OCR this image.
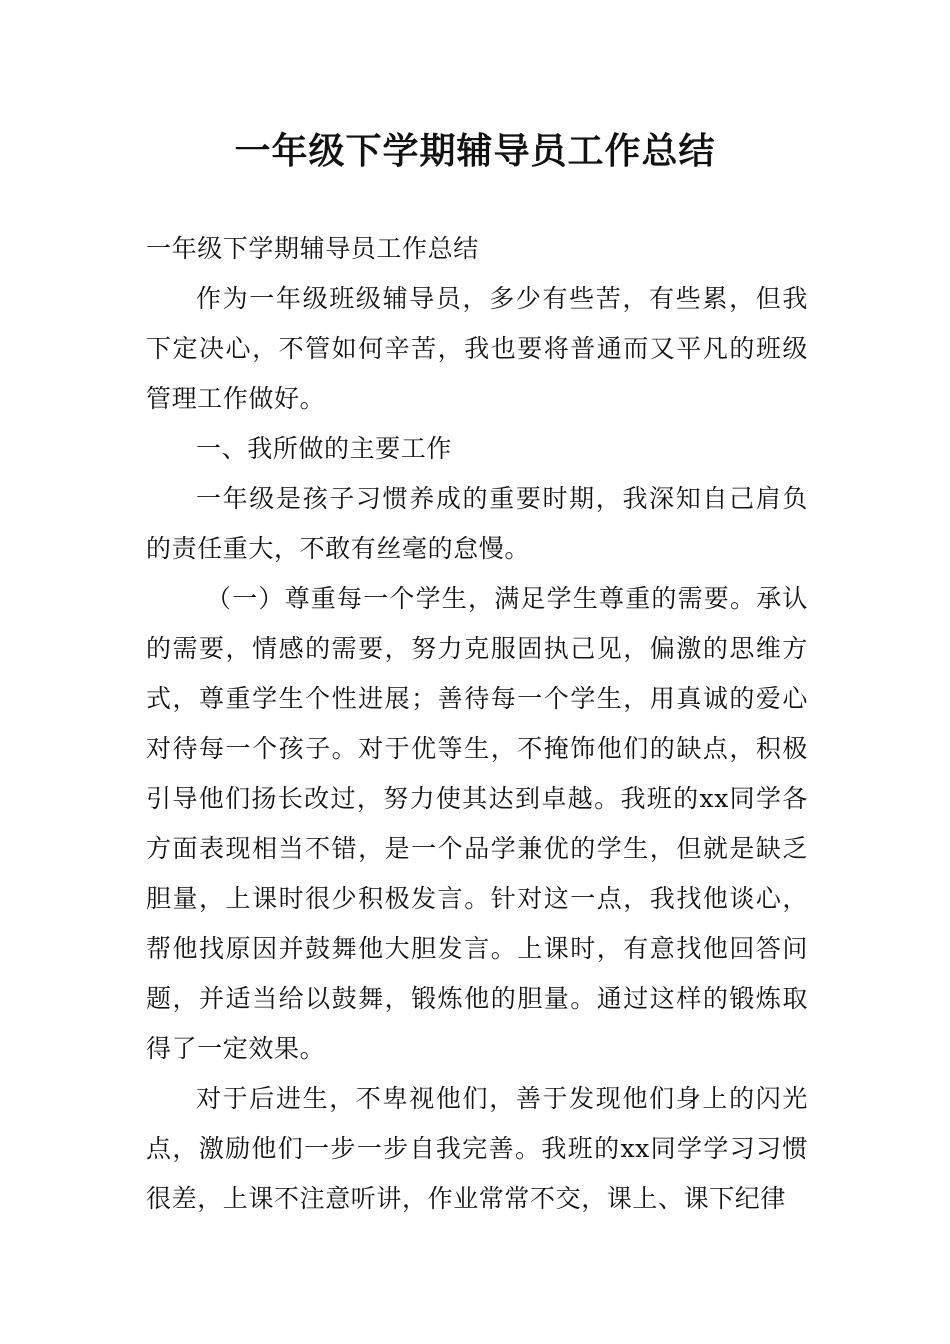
一年级下学期辅导员工作总结

一年级下学期辅导员工作总结

作为一年级班级辅导员，多少有些苦，有些累，但我下定决心，不管如何辛苦，我也要将普通而又平凡的班级管理工作做好。

一、我所做的主要工作

一年级是孩子习惯养成的重要时期，我深知自己肩负的责任重大，不敢有丝毫的怠慢。

（一）尊重每一个学生，满足学生尊重的需要。承认的需要，情感的需要，努力克服固执己见，偏激的思维方式，尊重学生个性进展；善待每一个学生，用真诚的爱心对待每一个孩子。对于优等生，不掩饰他们的缺点，积极引导他们扬长改过，努力使其达到卓越。我班的xx同学各方面表现相当不错，是一个品学兼优的学生，但就是缺乏胆量，上课时很少积极发言。针对这一点，我找他谈心，帮他找原因并鼓舞他大胆发言。上课时，有意找他回答问题，并适当给以鼓舞，锻炼他的胆量。通过这样的锻炼取得了一定效果。

对于后进生，不卑视他们，善于发现他们身上的闪光点，激励他们一步一步自我完善。我班的xx同学学习习惯很差，上课不注意听讲，作业常常不交，课上、课下纪律
